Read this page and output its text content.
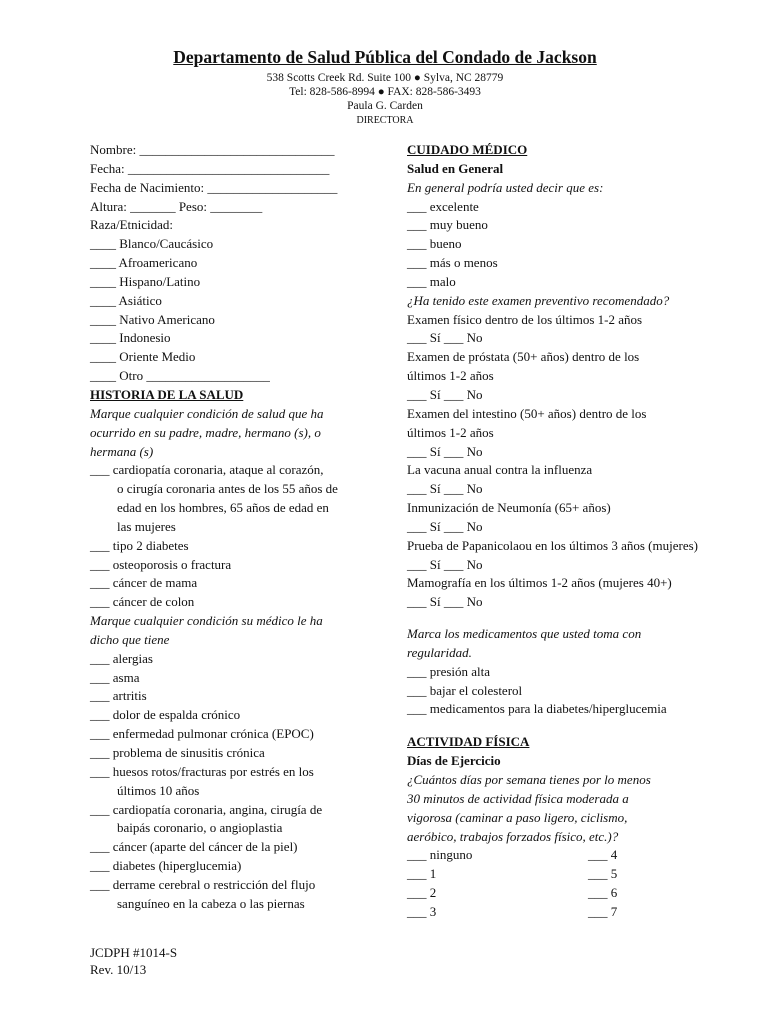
Departamento de Salud Pública del Condado de Jackson
538 Scotts Creek Rd. Suite 100 ● Sylva, NC 28779
Tel: 828-586-8994 ● FAX: 828-586-3493
Paula G. Carden
DIRECTORA
Nombre: ______________________________
Fecha: _______________________________
Fecha de Nacimiento: ____________________
Altura: _______ Peso: ________
Raza/Etnicidad:
____ Blanco/Caucásico
____ Afroamericano
____ Hispano/Latino
____ Asiático
____ Nativo Americano
____ Indonesio
____ Oriente Medio
____ Otro ___________________
HISTORIA DE LA SALUD
Marque cualquier condición de salud que ha
ocurrido en su padre, madre, hermano (s), o
hermana (s)
___ cardiopatía coronaria, ataque al corazón,
o cirugía coronaria antes de los 55 años de
edad en los hombres, 65 años de edad en
las mujeres
___ tipo 2 diabetes
___ osteoporosis o fractura
___ cáncer de mama
___ cáncer de colon
Marque cualquier condición su médico le ha
dicho que tiene
___ alergias
___ asma
___ artritis
___ dolor de espalda crónico
___ enfermedad pulmonar crónica (EPOC)
___ problema de sinusitis crónica
___ huesos rotos/fracturas por estrés en los
últimos 10 años
___ cardiopatía coronaria, angina, cirugía de
baipás coronario, o angioplastia
___ cáncer (aparte del cáncer de la piel)
___ diabetes (hiperglucemia)
___ derrame cerebral o restricción del flujo
sanguíneo en la cabeza o las piernas
CUIDADO MÉDICO
Salud en General
En general podría usted decir que es:
___ excelente
___ muy bueno
___ bueno
___ más o menos
___ malo
¿Ha tenido este examen preventivo recomendado?
Examen físico dentro de los últimos 1-2 años
___ Sí ___ No
Examen de próstata (50+ años) dentro de los
últimos 1-2 años
___ Sí ___ No
Examen del intestino (50+ años) dentro de los
últimos 1-2 años
___ Sí ___ No
La vacuna anual contra la influenza
___ Sí ___ No
Inmunización de Neumonía (65+ años)
___ Sí ___ No
Prueba de Papanicolaou en los últimos 3 años (mujeres)
___ Sí ___ No
Mamografía en los últimos 1-2 años (mujeres 40+)
___ Sí ___ No
Marca los medicamentos que usted toma con
regularidad.
___ presión alta
___ bajar el colesterol
___ medicamentos para la diabetes/hiperglucemia
ACTIVIDAD FÍSICA
Días de Ejercicio
¿Cuántos días por semana tienes por lo menos
30 minutos de actividad física moderada a
vigorosa (caminar a paso ligero, ciclismo,
aeróbico, trabajos forzados físico, etc.)?
___ ninguno	___ 4
___ 1	___ 5
___ 2	___ 6
___ 3	___ 7
JCDPH #1014-S
Rev. 10/13
